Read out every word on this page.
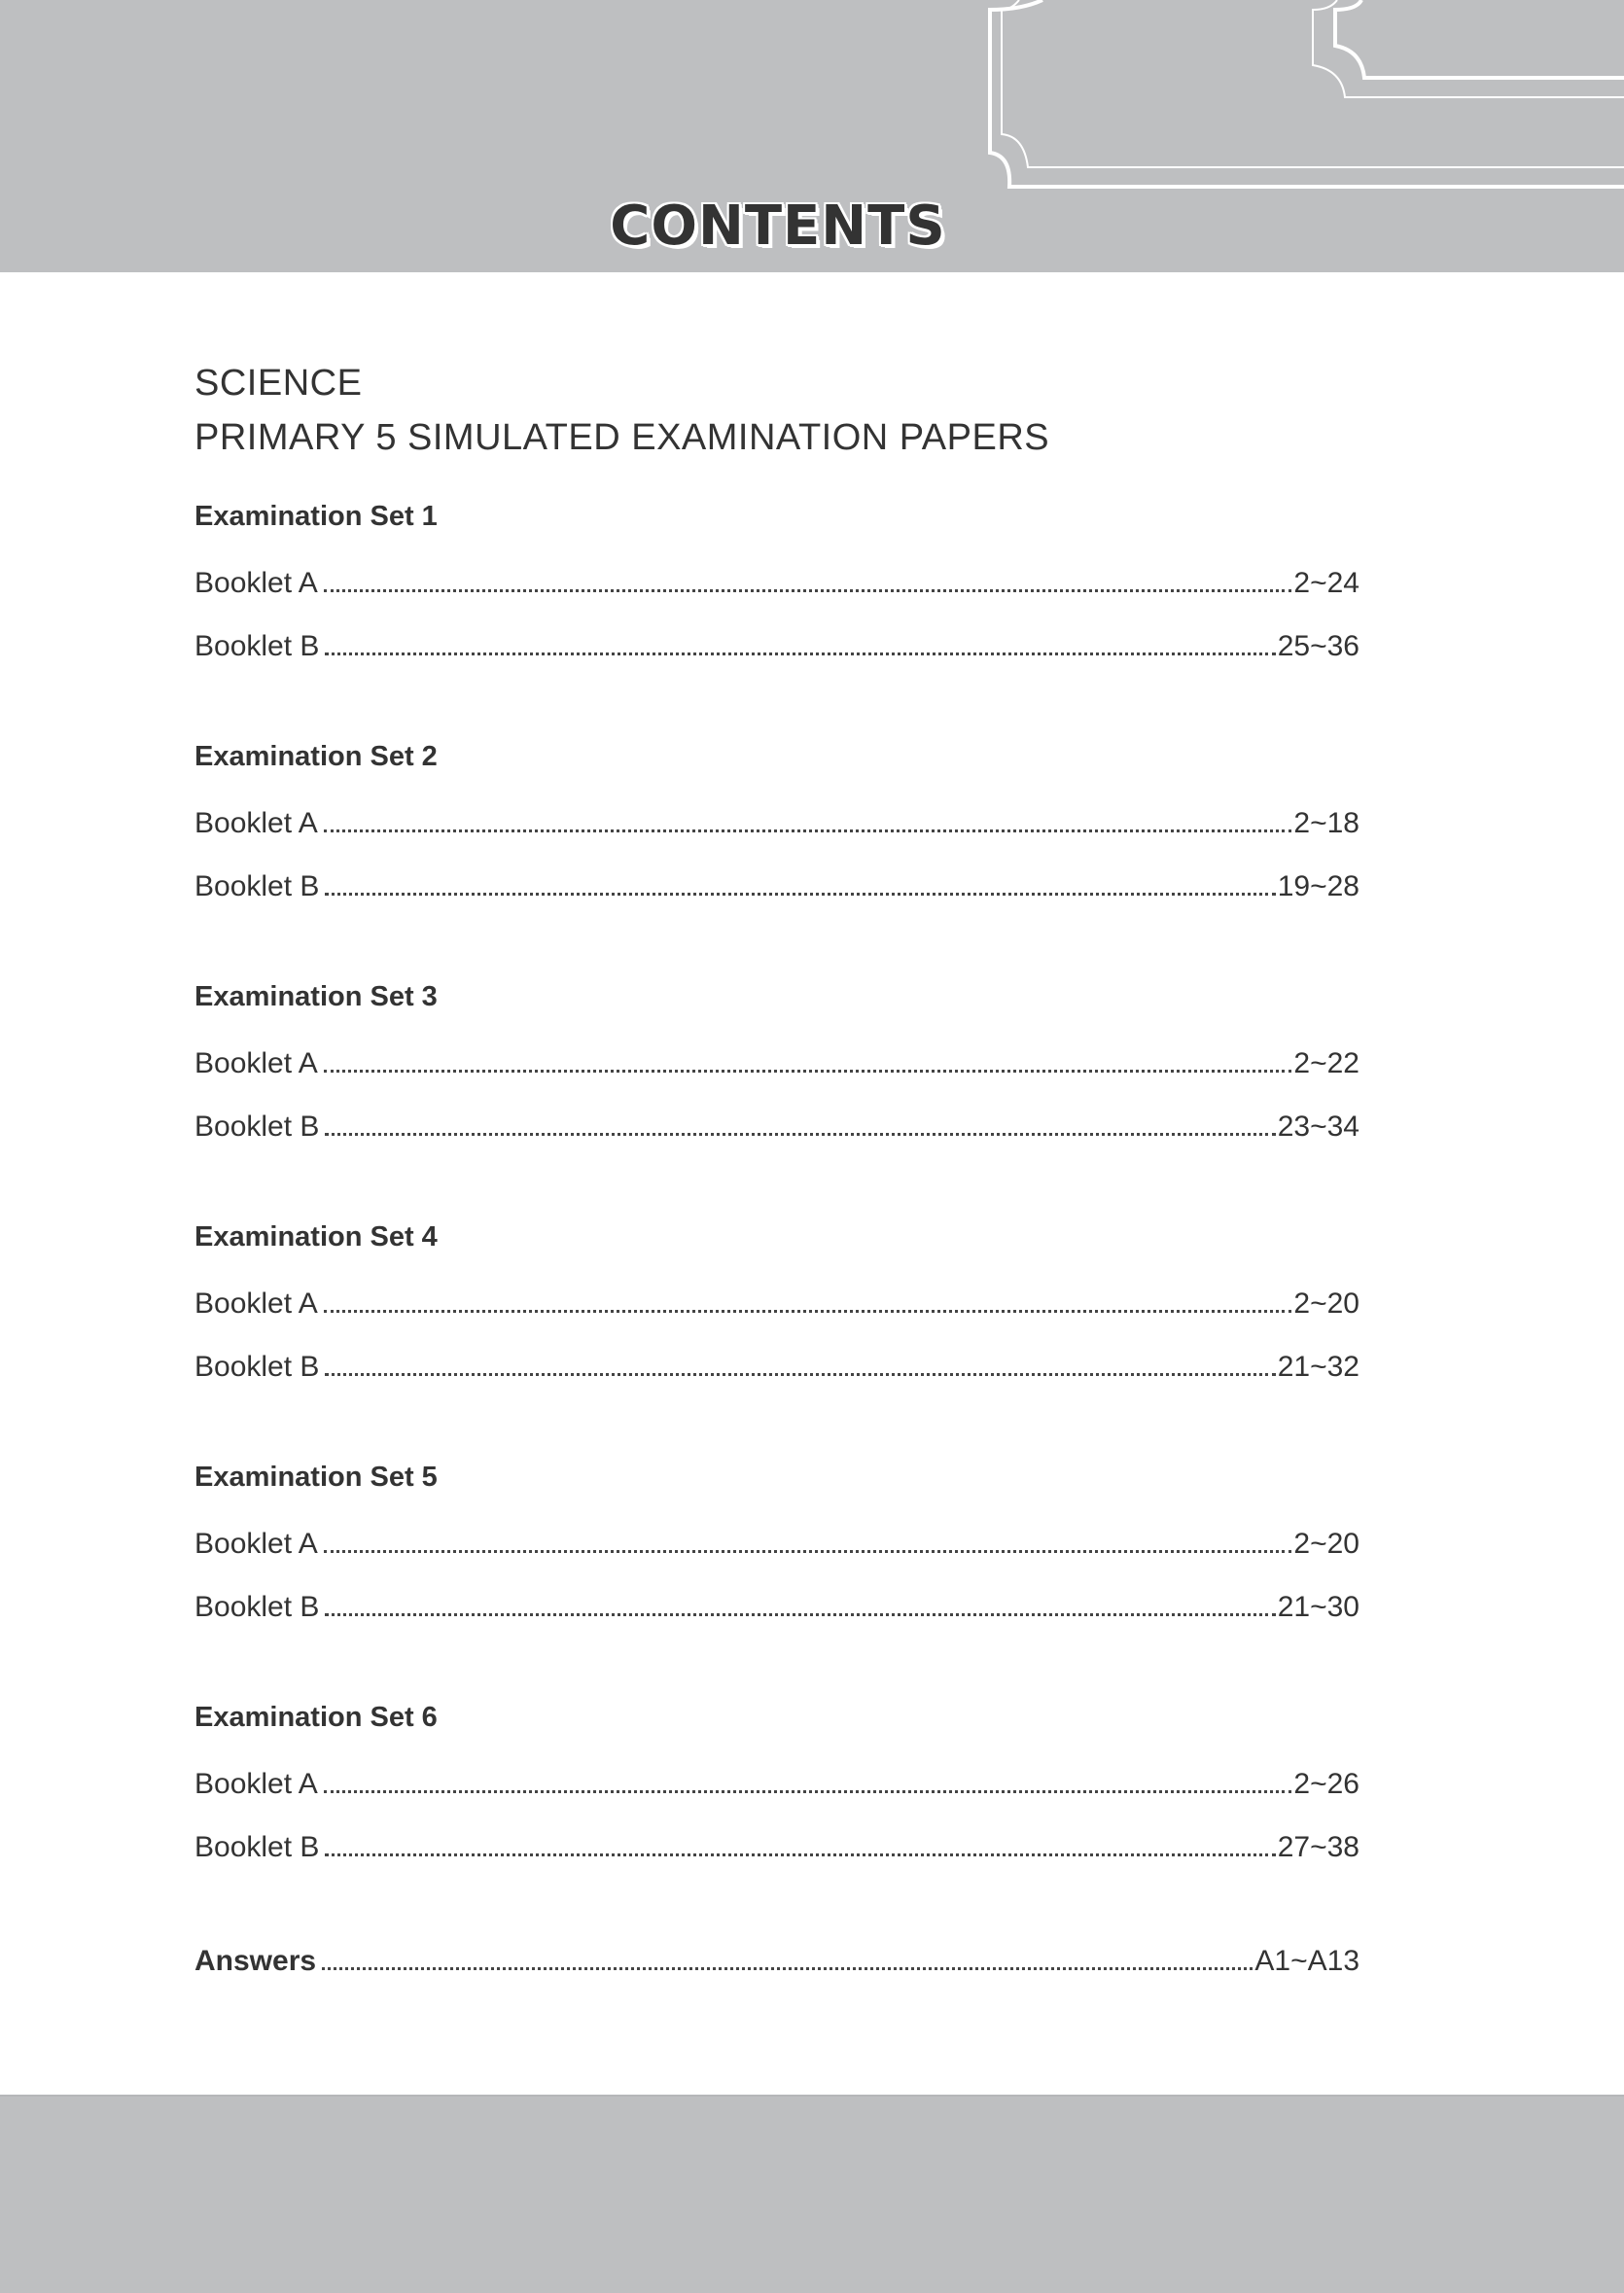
CONTENTS
SCIENCE
PRIMARY 5 SIMULATED EXAMINATION PAPERS
Examination Set 1
Booklet A	2~24
Booklet B	25~36
Examination Set 2
Booklet A	2~18
Booklet B	19~28
Examination Set 3
Booklet A	2~22
Booklet B	23~34
Examination Set 4
Booklet A	2~20
Booklet B	21~32
Examination Set 5
Booklet A	2~20
Booklet B	21~30
Examination Set 6
Booklet A	2~26
Booklet B	27~38
Answers	A1~A13
